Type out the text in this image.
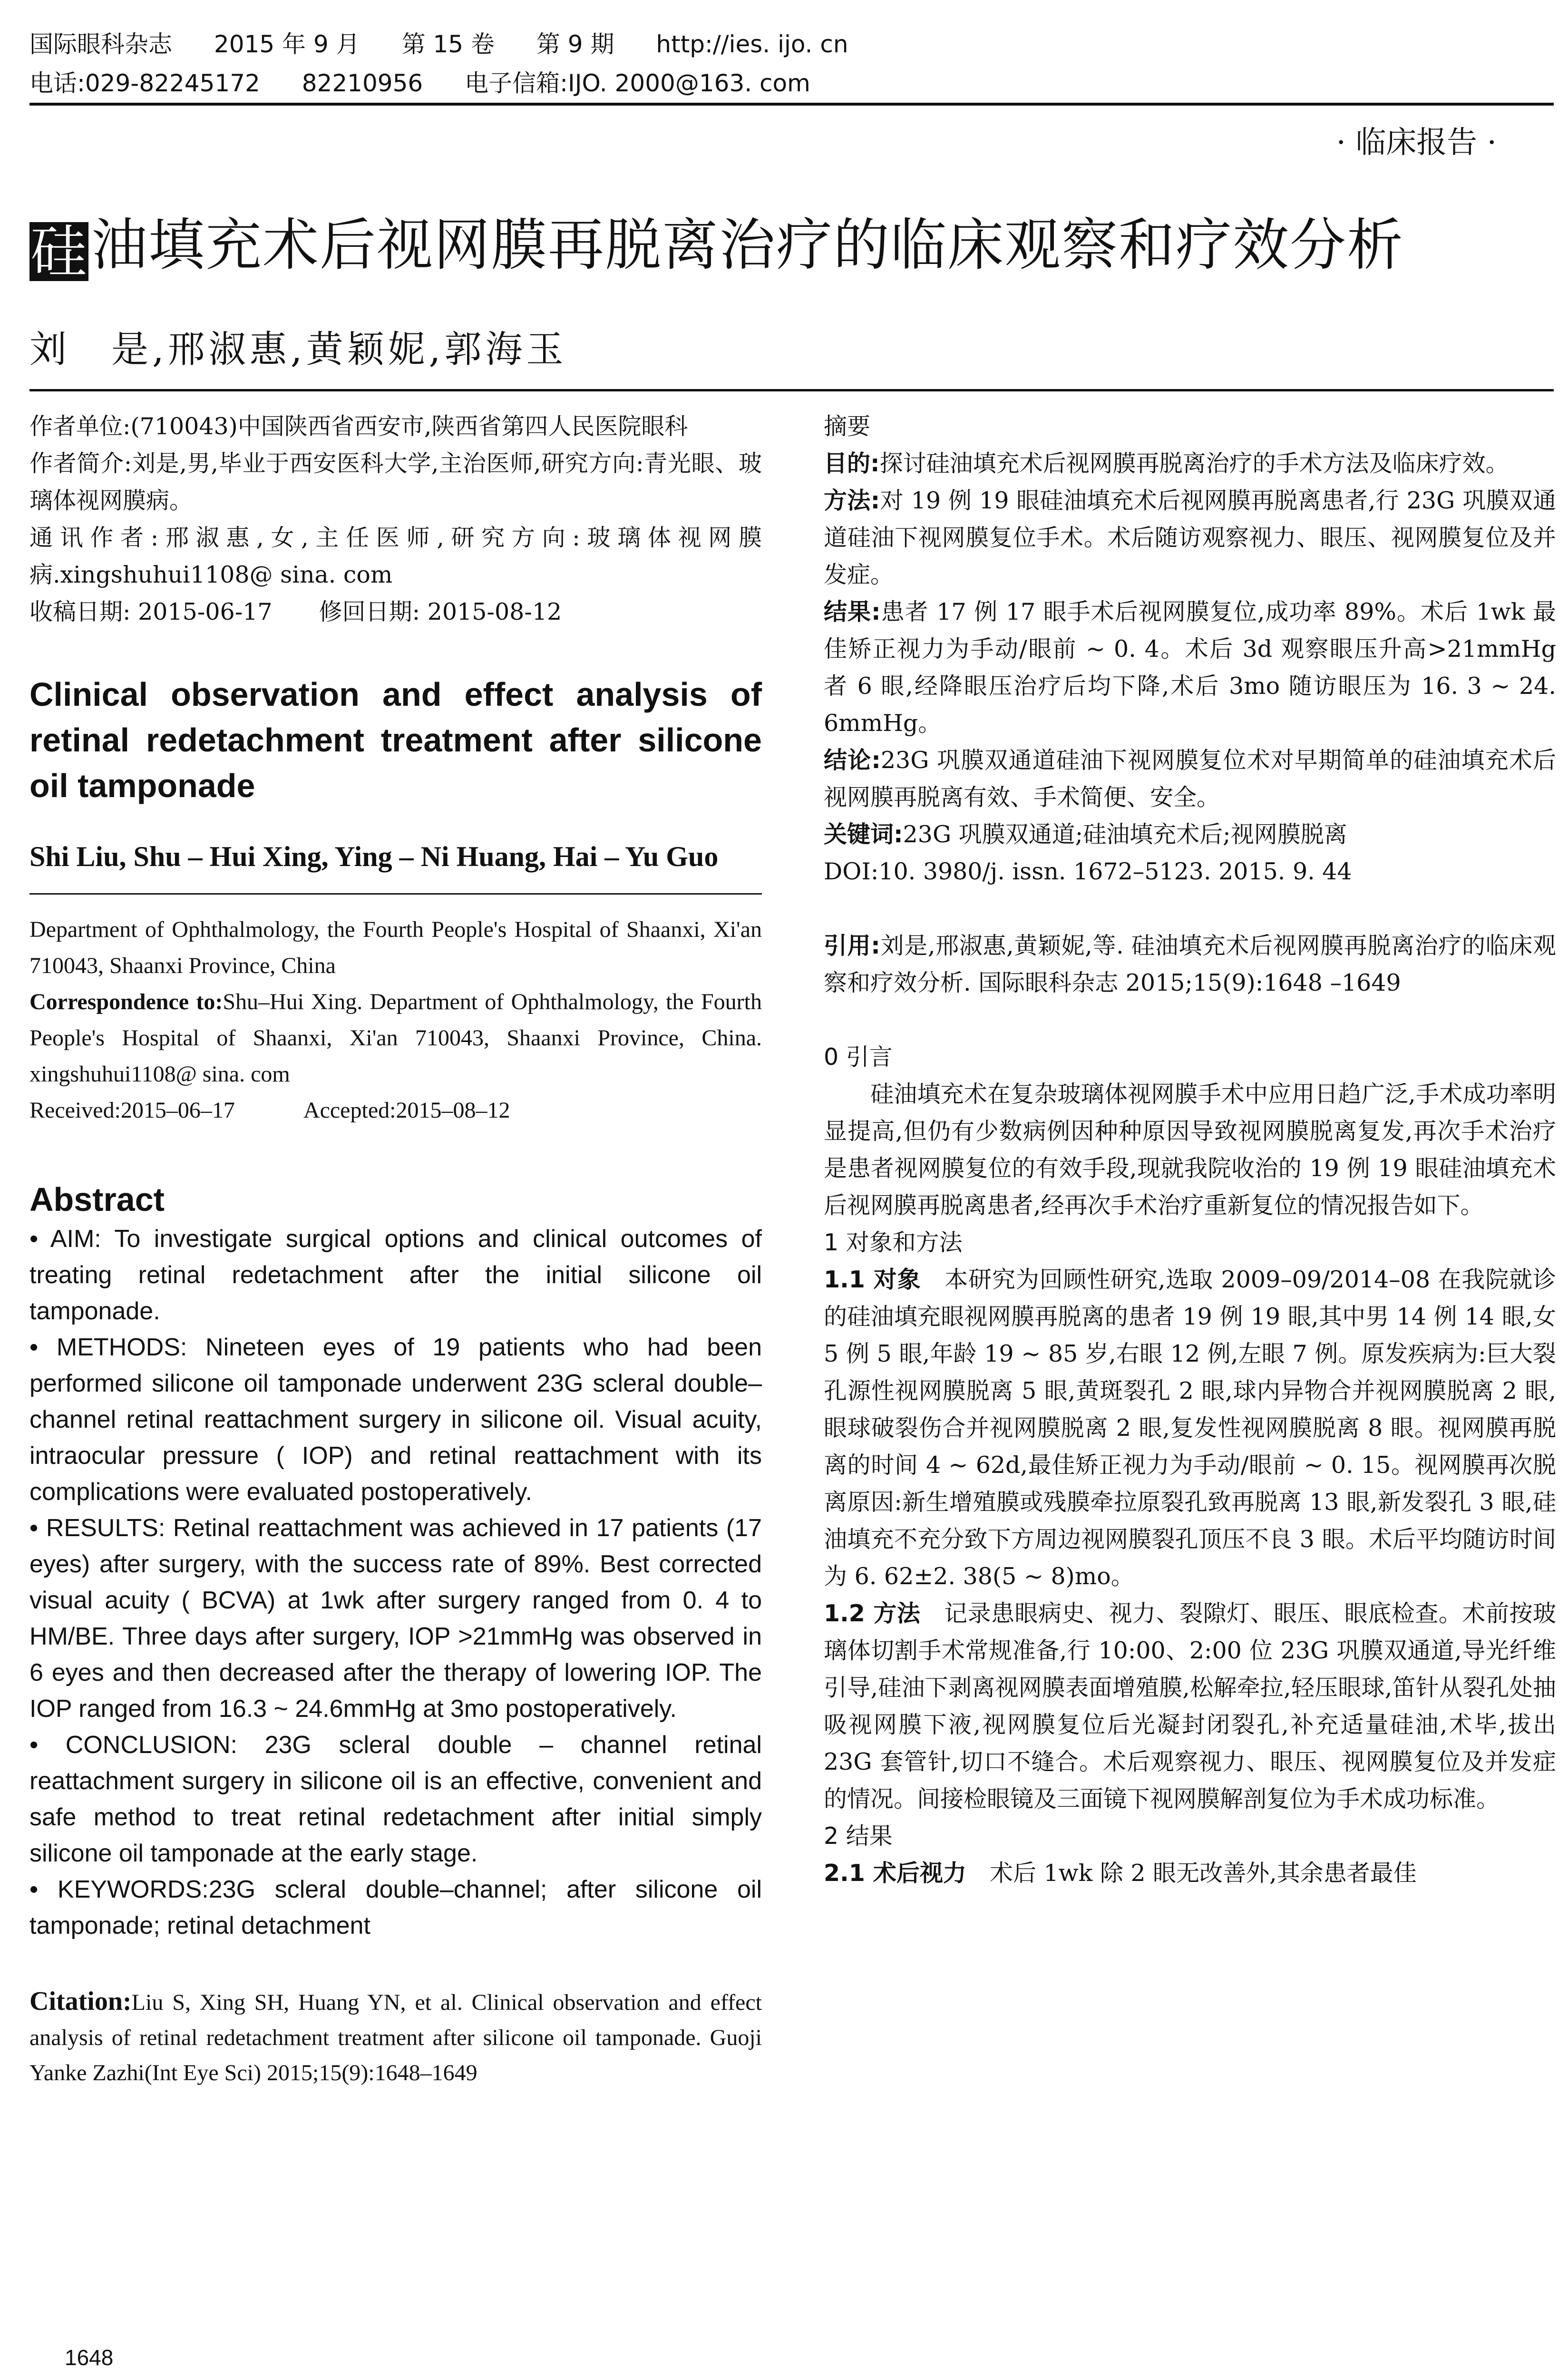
国际眼科杂志 2015 年 9 月 第 15 卷 第 9 期 http://ies. ijo. cn
电话:029-82245172 82210956 电子信箱:IJO. 2000@163. com
· 临床报告 ·
硅油填充术后视网膜再脱离治疗的临床观察和疗效分析
刘　是,邢淑惠,黄颖妮,郭海玉

作者单位:(710043)中国陕西省西安市,陕西省第四人民医院眼科

作者简介:刘是,男,毕业于西安医科大学,主治医师,研究方向:青光眼、玻璃体视网膜病。

通讯作者:邢淑惠,女,主任医师,研究方向:玻璃体视网膜病.xingshuhui1108@ sina. com

收稿日期: 2015-06-17　　修回日期: 2015-08-12

Clinical observation and effect analysis of retinal redetachment treatment after silicone oil tamponade
Shi Liu, Shu – Hui Xing, Ying – Ni Huang, Hai – Yu Guo
Department of Ophthalmology, the Fourth People's Hospital of Shaanxi, Xi'an 710043, Shaanxi Province, China
Correspondence to:Shu–Hui Xing. Department of Ophthalmology, the Fourth People's Hospital of Shaanxi, Xi'an 710043, Shaanxi Province, China. xingshuhui1108@ sina. com
Received:2015–06–17　　　Accepted:2015–08–12
Abstract

• AIM: To investigate surgical options and clinical outcomes of treating retinal redetachment after the initial silicone oil tamponade.

• METHODS: Nineteen eyes of 19 patients who had been performed silicone oil tamponade underwent 23G scleral double–channel retinal reattachment surgery in silicone oil. Visual acuity, intraocular pressure ( IOP) and retinal reattachment with its complications were evaluated postoperatively.

• RESULTS: Retinal reattachment was achieved in 17 patients (17 eyes) after surgery, with the success rate of 89%. Best corrected visual acuity ( BCVA) at 1wk after surgery ranged from 0. 4 to HM/BE. Three days after surgery, IOP >21mmHg was observed in 6 eyes and then decreased after the therapy of lowering IOP. The IOP ranged from 16.3 ~ 24.6mmHg at 3mo postoperatively.

• CONCLUSION: 23G scleral double – channel retinal reattachment surgery in silicone oil is an effective, convenient and safe method to treat retinal redetachment after initial simply silicone oil tamponade at the early stage.

• KEYWORDS:23G scleral double–channel; after silicone oil tamponade; retinal detachment

Citation:Liu S, Xing SH, Huang YN, et al. Clinical observation and effect analysis of retinal redetachment treatment after silicone oil tamponade. Guoji Yanke Zazhi(Int Eye Sci) 2015;15(9):1648–1649

摘要

目的:探讨硅油填充术后视网膜再脱离治疗的手术方法及临床疗效。

方法:对 19 例 19 眼硅油填充术后视网膜再脱离患者,行 23G 巩膜双通道硅油下视网膜复位手术。术后随访观察视力、眼压、视网膜复位及并发症。

结果:患者 17 例 17 眼手术后视网膜复位,成功率 89%。术后 1wk 最佳矫正视力为手动/眼前 ~ 0. 4。术后 3d 观察眼压升高>21mmHg 者 6 眼,经降眼压治疗后均下降,术后 3mo 随访眼压为 16. 3 ~ 24. 6mmHg。

结论:23G 巩膜双通道硅油下视网膜复位术对早期简单的硅油填充术后视网膜再脱离有效、手术简便、安全。

关键词:23G 巩膜双通道;硅油填充术后;视网膜脱离

DOI:10. 3980/j. issn. 1672–5123. 2015. 9. 44

引用:刘是,邢淑惠,黄颖妮,等. 硅油填充术后视网膜再脱离治疗的临床观察和疗效分析. 国际眼科杂志 2015;15(9):1648 –1649

0 引言

硅油填充术在复杂玻璃体视网膜手术中应用日趋广泛,手术成功率明显提高,但仍有少数病例因种种原因导致视网膜脱离复发,再次手术治疗是患者视网膜复位的有效手段,现就我院收治的 19 例 19 眼硅油填充术后视网膜再脱离患者,经再次手术治疗重新复位的情况报告如下。

1 对象和方法

1.1 对象　 本研究为回顾性研究,选取 2009–09/2014–08 在我院就诊的硅油填充眼视网膜再脱离的患者 19 例 19 眼,其中男 14 例 14 眼,女 5 例 5 眼,年龄 19 ~ 85 岁,右眼 12 例,左眼 7 例。原发疾病为:巨大裂孔源性视网膜脱离 5 眼,黄斑裂孔 2 眼,球内异物合并视网膜脱离 2 眼,眼球破裂伤合并视网膜脱离 2 眼,复发性视网膜脱离 8 眼。视网膜再脱离的时间 4 ~ 62d,最佳矫正视力为手动/眼前 ~ 0. 15。视网膜再次脱离原因:新生增殖膜或残膜牵拉原裂孔致再脱离 13 眼,新发裂孔 3 眼,硅油填充不充分致下方周边视网膜裂孔顶压不良 3 眼。术后平均随访时间为 6. 62±2. 38(5 ~ 8)mo。

1.2 方法　 记录患眼病史、视力、裂隙灯、眼压、眼底检查。术前按玻璃体切割手术常规准备,行 10:00、2:00 位 23G 巩膜双通道,导光纤维引导,硅油下剥离视网膜表面增殖膜,松解牵拉,轻压眼球,笛针从裂孔处抽吸视网膜下液,视网膜复位后光凝封闭裂孔,补充适量硅油,术毕,拔出 23G 套管针,切口不缝合。术后观察视力、眼压、视网膜复位及并发症的情况。间接检眼镜及三面镜下视网膜解剖复位为手术成功标准。

2 结果

2.1 术后视力　 术后 1wk 除 2 眼无改善外,其余患者最佳

1648
